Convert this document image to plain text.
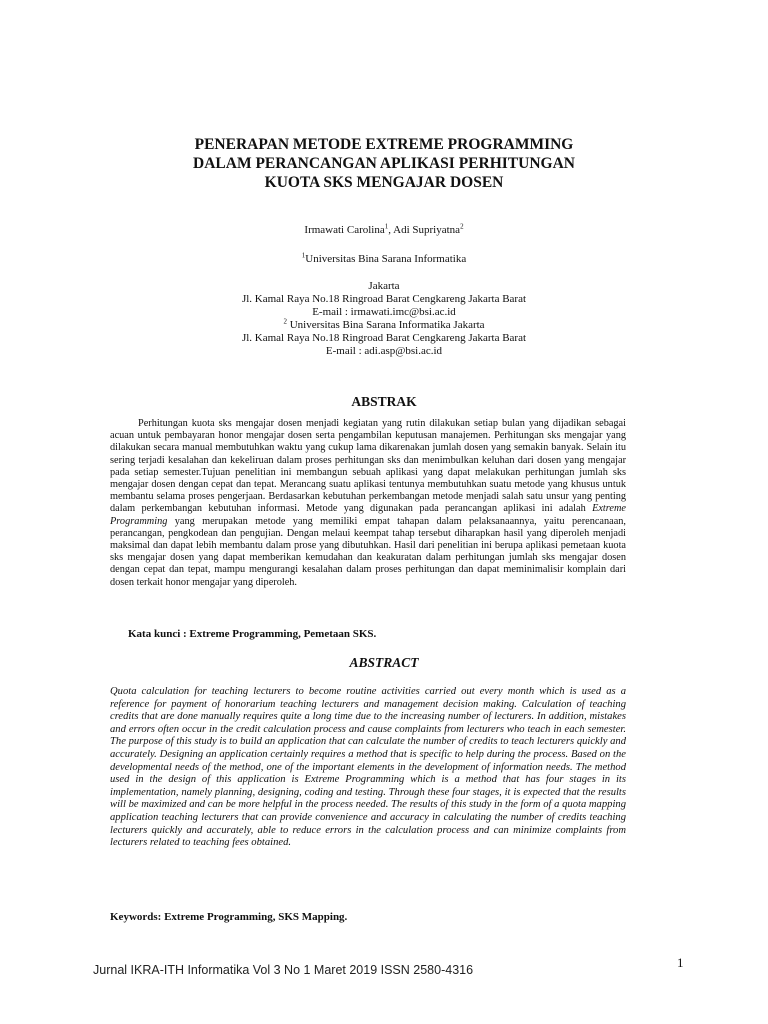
PENERAPAN METODE EXTREME PROGRAMMING
DALAM PERANCANGAN APLIKASI PERHITUNGAN
KUOTA SKS MENGAJAR DOSEN
Irmawati Carolina$^1$, Adi Supriyatna$^2$
$^1$Universitas Bina Sarana Informatika
Jakarta
Jl. Kamal Raya No.18 Ringroad Barat Cengkareng Jakarta Barat
E-mail : irmawati.imc@bsi.ac.id
$^2$ Universitas Bina Sarana Informatika Jakarta
Jl. Kamal Raya No.18 Ringroad Barat Cengkareng Jakarta Barat
E-mail : adi.asp@bsi.ac.id
ABSTRAK
Perhitungan kuota sks mengajar dosen menjadi kegiatan yang rutin dilakukan setiap bulan yang dijadikan sebagai acuan untuk pembayaran honor mengajar dosen serta pengambilan keputusan manajemen. Perhitungan sks mengajar yang dilakukan secara manual membutuhkan waktu yang cukup lama dikarenakan jumlah dosen yang semakin banyak. Selain itu sering terjadi kesalahan dan kekeliruan dalam proses perhitungan sks dan menimbulkan keluhan dari dosen yang mengajar pada setiap semester.Tujuan penelitian ini membangun sebuah aplikasi yang dapat melakukan perhitungan jumlah sks mengajar dosen dengan cepat dan tepat. Merancang suatu aplikasi tentunya membutuhkan suatu metode yang khusus untuk membantu selama proses pengerjaan. Berdasarkan kebutuhan perkembangan metode menjadi salah satu unsur yang penting dalam perkembangan kebutuhan informasi. Metode yang digunakan pada perancangan aplikasi ini adalah Extreme Programming yang merupakan metode yang memiliki empat tahapan dalam pelaksanaannya, yaitu perencanaan, perancangan, pengkodean dan pengujian. Dengan melaui keempat tahap tersebut diharapkan hasil yang diperoleh menjadi maksimal dan dapat lebih membantu dalam prose yang dibutuhkan. Hasil dari penelitian ini berupa aplikasi pemetaan kuota sks mengajar dosen yang dapat memberikan kemudahan dan keakuratan dalam perhitungan jumlah sks mengajar dosen dengan cepat dan tepat, mampu mengurangi kesalahan dalam proses perhitungan dan dapat meminimalisir komplain dari dosen terkait honor mengajar yang diperoleh.
Kata kunci : Extreme Programming, Pemetaan SKS.
ABSTRACT
Quota calculation for teaching lecturers to become routine activities carried out every month which is used as a reference for payment of honorarium teaching lecturers and management decision making. Calculation of teaching credits that are done manually requires quite a long time due to the increasing number of lecturers. In addition, mistakes and errors often occur in the credit calculation process and cause complaints from lecturers who teach in each semester. The purpose of this study is to build an application that can calculate the number of credits to teach lecturers quickly and accurately. Designing an application certainly requires a method that is specific to help during the process. Based on the developmental needs of the method, one of the important elements in the development of information needs. The method used in the design of this application is Extreme Programming which is a method that has four stages in its implementation, namely planning, designing, coding and testing. Through these four stages, it is expected that the results will be maximized and can be more helpful in the process needed. The results of this study in the form of a quota mapping application teaching lecturers that can provide convenience and accuracy in calculating the number of credits teaching lecturers quickly and accurately, able to reduce errors in the calculation process and can minimize complaints from lecturers related to teaching fees obtained.
Keywords: Extreme Programming, SKS Mapping.
Jurnal IKRA-ITH Informatika Vol 3 No 1 Maret 2019 ISSN 2580-4316	1
